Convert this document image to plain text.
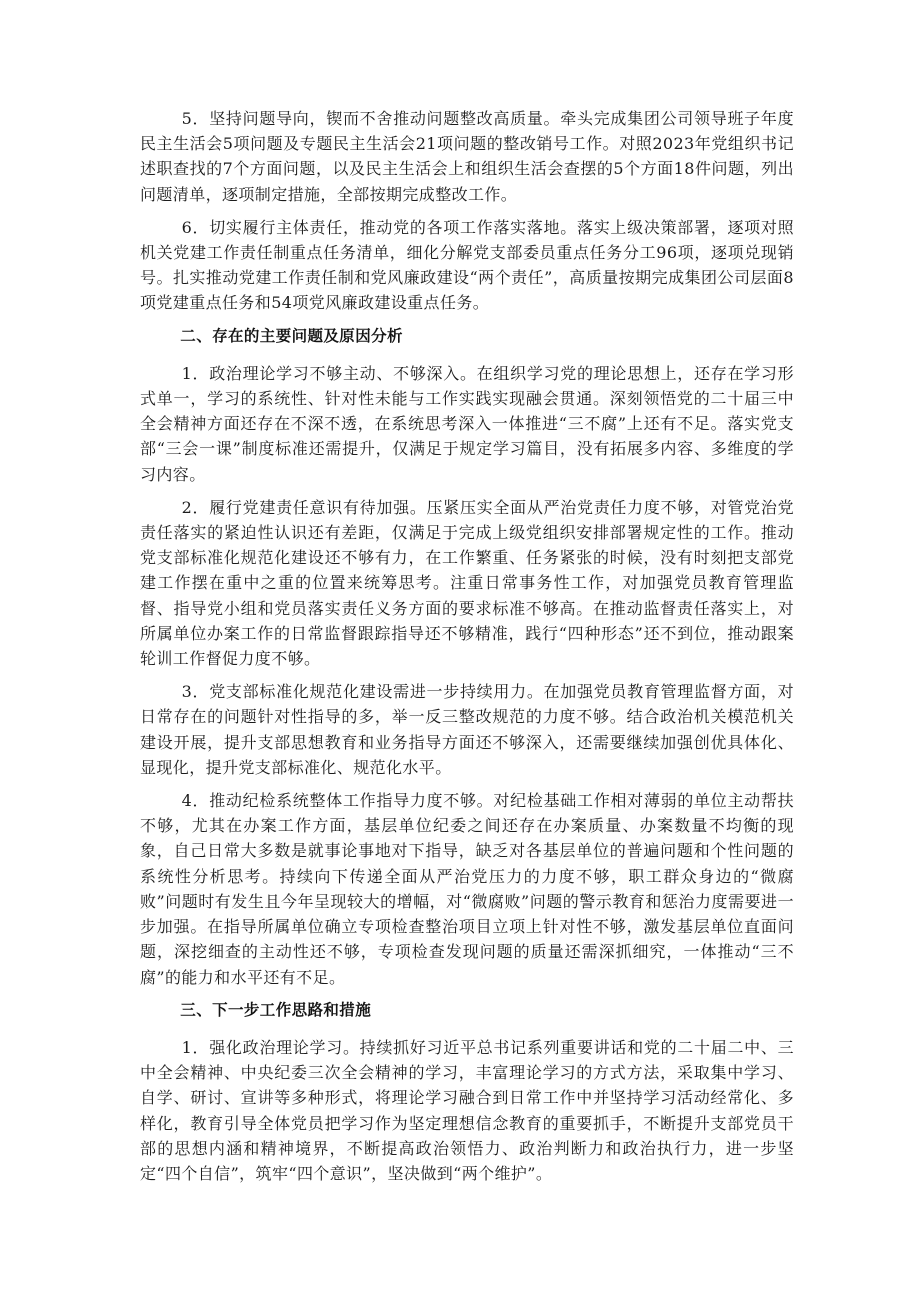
5．坚持问题导向，锲而不舍推动问题整改高质量。牵头完成集团公司领导班子年度民主生活会5项问题及专题民主生活会21项问题的整改销号工作。对照2023年党组织书记述职查找的7个方面问题，以及民主生活会上和组织生活会查摆的5个方面18件问题，列出问题清单，逐项制定措施，全部按期完成整改工作。

6．切实履行主体责任，推动党的各项工作落实落地。落实上级决策部署，逐项对照机关党建工作责任制重点任务清单，细化分解党支部委员重点任务分工96项，逐项兑现销号。扎实推动党建工作责任制和党风廉政建设“两个责任”，高质量按期完成集团公司层面8项党建重点任务和54项党风廉政建设重点任务。

二、存在的主要问题及原因分析

1．政治理论学习不够主动、不够深入。在组织学习党的理论思想上，还存在学习形式单一，学习的系统性、针对性未能与工作实践实现融会贯通。深刻领悟党的二十届三中全会精神方面还存在不深不透，在系统思考深入一体推进“三不腐”上还有不足。落实党支部“三会一课”制度标准还需提升，仅满足于规定学习篇目，没有拓展多内容、多维度的学习内容。

2．履行党建责任意识有待加强。压紧压实全面从严治党责任力度不够，对管党治党责任落实的紧迫性认识还有差距，仅满足于完成上级党组织安排部署规定性的工作。推动党支部标准化规范化建设还不够有力，在工作繁重、任务紧张的时候，没有时刻把支部党建工作摆在重中之重的位置来统筹思考。注重日常事务性工作，对加强党员教育管理监督、指导党小组和党员落实责任义务方面的要求标准不够高。在推动监督责任落实上，对所属单位办案工作的日常监督跟踪指导还不够精准，践行“四种形态”还不到位，推动跟案轮训工作督促力度不够。

3．党支部标准化规范化建设需进一步持续用力。在加强党员教育管理监督方面，对日常存在的问题针对性指导的多，举一反三整改规范的力度不够。结合政治机关模范机关建设开展，提升支部思想教育和业务指导方面还不够深入，还需要继续加强创优具体化、显现化，提升党支部标准化、规范化水平。

4．推动纪检系统整体工作指导力度不够。对纪检基础工作相对薄弱的单位主动帮扶不够，尤其在办案工作方面，基层单位纪委之间还存在办案质量、办案数量不均衡的现象，自己日常大多数是就事论事地对下指导，缺乏对各基层单位的普遍问题和个性问题的系统性分析思考。持续向下传递全面从严治党压力的力度不够，职工群众身边的“微腐败”问题时有发生且今年呈现较大的增幅，对“微腐败”问题的警示教育和惩治力度需要进一步加强。在指导所属单位确立专项检查整治项目立项上针对性不够，激发基层单位直面问题，深挖细查的主动性还不够，专项检查发现问题的质量还需深抓细究，一体推动“三不腐”的能力和水平还有不足。

三、下一步工作思路和措施

1．强化政治理论学习。持续抓好习近平总书记系列重要讲话和党的二十届二中、三中全会精神、中央纪委三次全会精神的学习，丰富理论学习的方式方法，采取集中学习、自学、研讨、宣讲等多种形式，将理论学习融合到日常工作中并坚持学习活动经常化、多样化，教育引导全体党员把学习作为坚定理想信念教育的重要抓手，不断提升支部党员干部的思想内涵和精神境界，不断提高政治领悟力、政治判断力和政治执行力，进一步坚定“四个自信”，筑牢“四个意识”，坚决做到“两个维护”。
